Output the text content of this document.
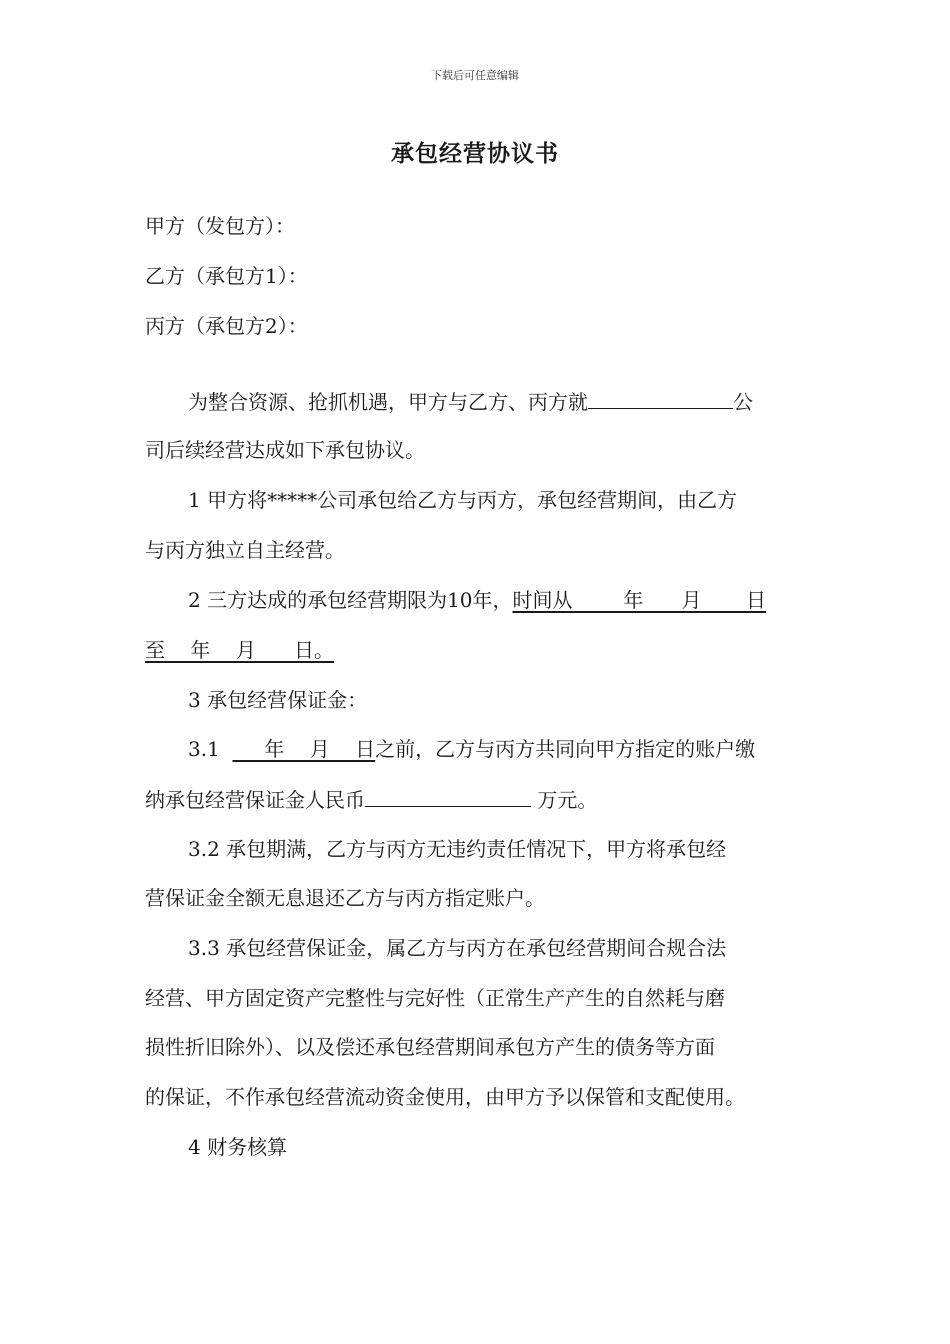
下载后可任意编辑
承包经营协议书
甲方（发包方）：
乙方（承包方1）：
丙方（承包方2）：
为整合资源、抢抓机遇，甲方与乙方、丙方就	公
司后续经营达成如下承包协议。
1 甲方将*****公司承包给乙方与丙方，承包经营期间，由乙方
与丙方独立自主经营。
2 三方达成的承包经营期限为10年，时间从        年      月       日
至    年    月      日。
3 承包经营保证金：
3.1       年    月    日之前，乙方与丙方共同向甲方指定的账户缴
纳承包经营保证金人民币	万元。
3.2 承包期满，乙方与丙方无违约责任情况下，甲方将承包经
营保证金全额无息退还乙方与丙方指定账户。
3.3 承包经营保证金，属乙方与丙方在承包经营期间合规合法
经营、甲方固定资产完整性与完好性（正常生产产生的自然耗与磨
损性折旧除外）、以及偿还承包经营期间承包方产生的债务等方面
的保证，不作承包经营流动资金使用，由甲方予以保管和支配使用。
4 财务核算
